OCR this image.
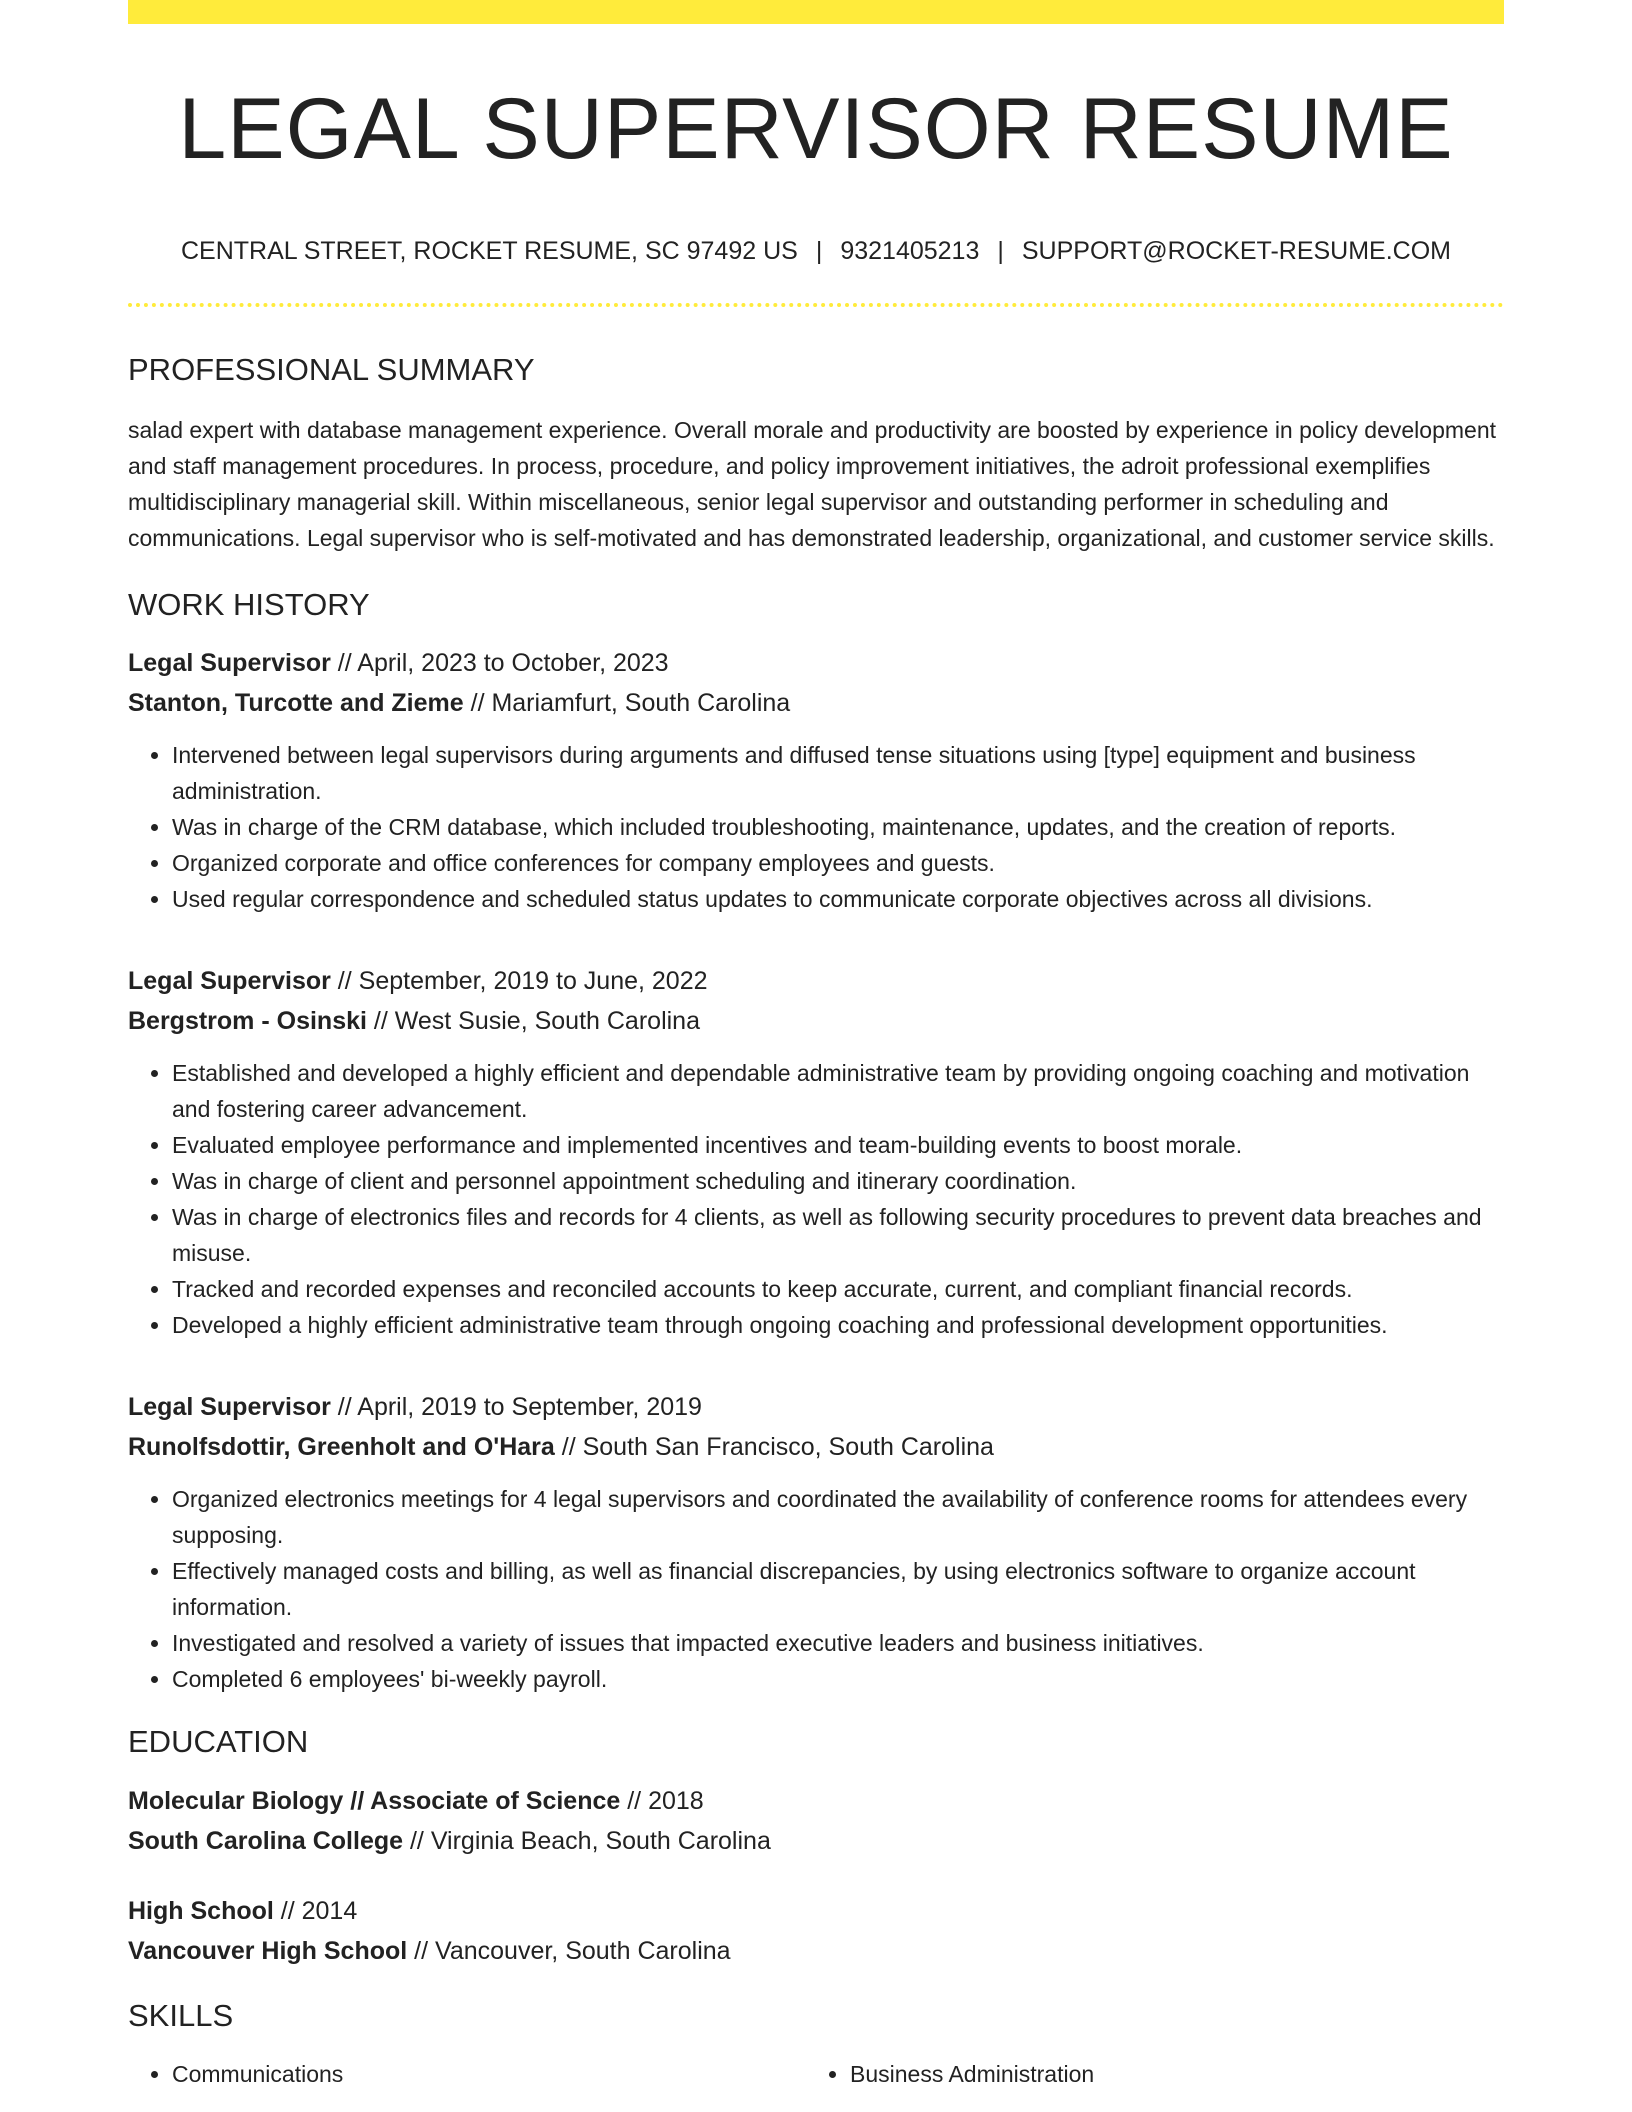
LEGAL SUPERVISOR RESUME
CENTRAL STREET, ROCKET RESUME, SC 97492 US | 9321405213 | SUPPORT@ROCKET-RESUME.COM
PROFESSIONAL SUMMARY
salad expert with database management experience. Overall morale and productivity are boosted by experience in policy development and staff management procedures. In process, procedure, and policy improvement initiatives, the adroit professional exemplifies multidisciplinary managerial skill. Within miscellaneous, senior legal supervisor and outstanding performer in scheduling and communications. Legal supervisor who is self-motivated and has demonstrated leadership, organizational, and customer service skills.
WORK HISTORY
Legal Supervisor // April, 2023 to October, 2023
Stanton, Turcotte and Zieme // Mariamfurt, South Carolina
• Intervened between legal supervisors during arguments and diffused tense situations using [type] equipment and business administration.
• Was in charge of the CRM database, which included troubleshooting, maintenance, updates, and the creation of reports.
• Organized corporate and office conferences for company employees and guests.
• Used regular correspondence and scheduled status updates to communicate corporate objectives across all divisions.
Legal Supervisor // September, 2019 to June, 2022
Bergstrom - Osinski // West Susie, South Carolina
• Established and developed a highly efficient and dependable administrative team by providing ongoing coaching and motivation and fostering career advancement.
• Evaluated employee performance and implemented incentives and team-building events to boost morale.
• Was in charge of client and personnel appointment scheduling and itinerary coordination.
• Was in charge of electronics files and records for 4 clients, as well as following security procedures to prevent data breaches and misuse.
• Tracked and recorded expenses and reconciled accounts to keep accurate, current, and compliant financial records.
• Developed a highly efficient administrative team through ongoing coaching and professional development opportunities.
Legal Supervisor // April, 2019 to September, 2019
Runolfsdottir, Greenholt and O'Hara // South San Francisco, South Carolina
• Organized electronics meetings for 4 legal supervisors and coordinated the availability of conference rooms for attendees every supposing.
• Effectively managed costs and billing, as well as financial discrepancies, by using electronics software to organize account information.
• Investigated and resolved a variety of issues that impacted executive leaders and business initiatives.
• Completed 6 employees' bi-weekly payroll.
EDUCATION
Molecular Biology // Associate of Science // 2018
South Carolina College // Virginia Beach, South Carolina
High School // 2014
Vancouver High School // Vancouver, South Carolina
SKILLS
• Communications
•	Business Administration
